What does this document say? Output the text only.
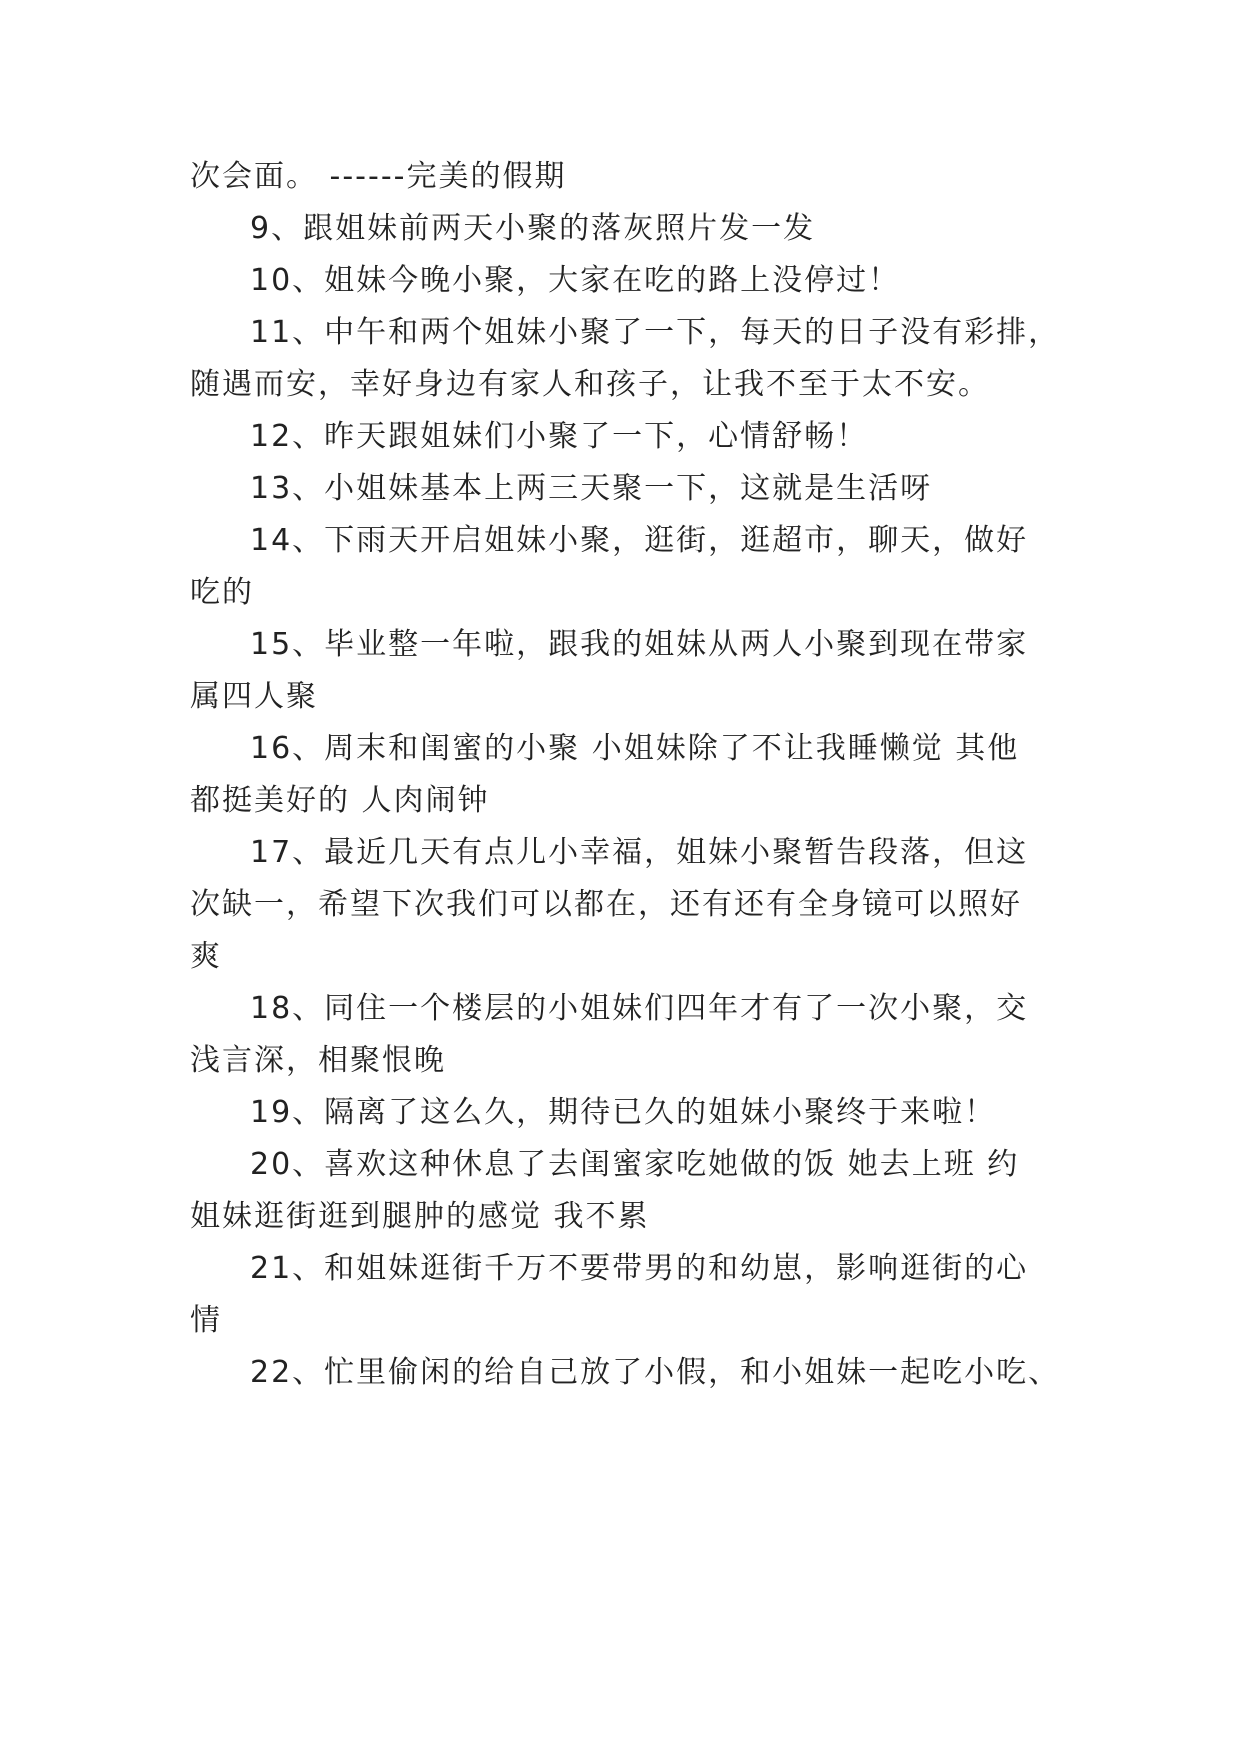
次会面。 ------完美的假期
9、跟姐妹前两天小聚的落灰照片发一发
10、姐妹今晚小聚，大家在吃的路上没停过！
11、中午和两个姐妹小聚了一下，每天的日子没有彩排，
随遇而安，幸好身边有家人和孩子，让我不至于太不安。
12、昨天跟姐妹们小聚了一下，心情舒畅！
13、小姐妹基本上两三天聚一下，这就是生活呀
14、下雨天开启姐妹小聚，逛街，逛超市，聊天，做好
吃的
15、毕业整一年啦，跟我的姐妹从两人小聚到现在带家
属四人聚
16、周末和闺蜜的小聚 小姐妹除了不让我睡懒觉 其他
都挺美好的 人肉闹钟
17、最近几天有点儿小幸福，姐妹小聚暂告段落，但这
次缺一，希望下次我们可以都在，还有还有全身镜可以照好
爽
18、同住一个楼层的小姐妹们四年才有了一次小聚，交
浅言深，相聚恨晚
19、隔离了这么久，期待已久的姐妹小聚终于来啦！
20、喜欢这种休息了去闺蜜家吃她做的饭 她去上班 约
姐妹逛街逛到腿肿的感觉 我不累
21、和姐妹逛街千万不要带男的和幼崽，影响逛街的心
情
22、忙里偷闲的给自己放了小假，和小姐妹一起吃小吃、
